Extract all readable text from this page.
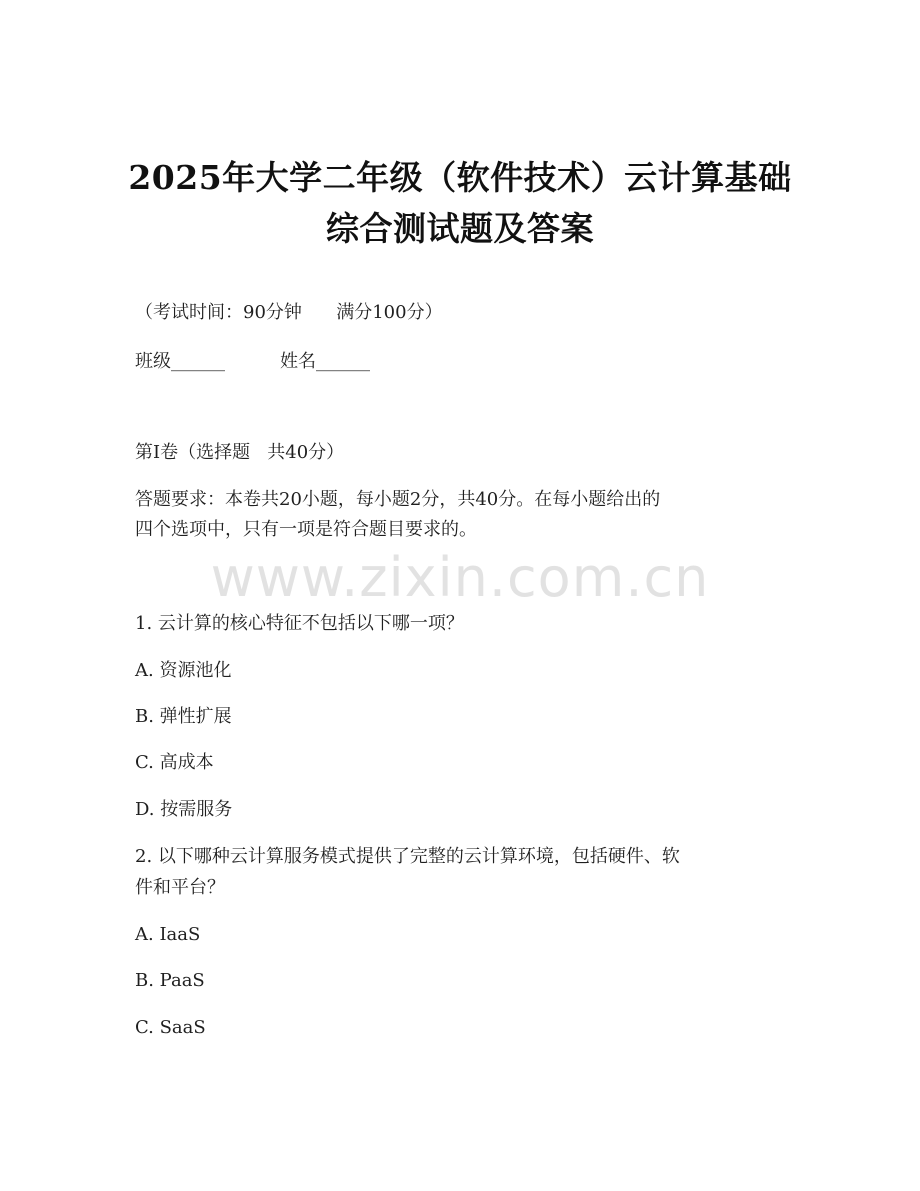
2025年大学二年级（软件技术）云计算基础
综合测试题及答案
（考试时间：90分钟      满分100分）
班级______	姓名______
第I卷（选择题   共40分）
答题要求：本卷共20小题，每小题2分，共40分。在每小题给出的
四个选项中，只有一项是符合题目要求的。
www.zixin.com.cn
1. 云计算的核心特征不包括以下哪一项？
A. 资源池化
B. 弹性扩展
C. 高成本
D. 按需服务
2. 以下哪种云计算服务模式提供了完整的云计算环境，包括硬件、软
件和平台？
A. IaaS
B. PaaS
C. SaaS
